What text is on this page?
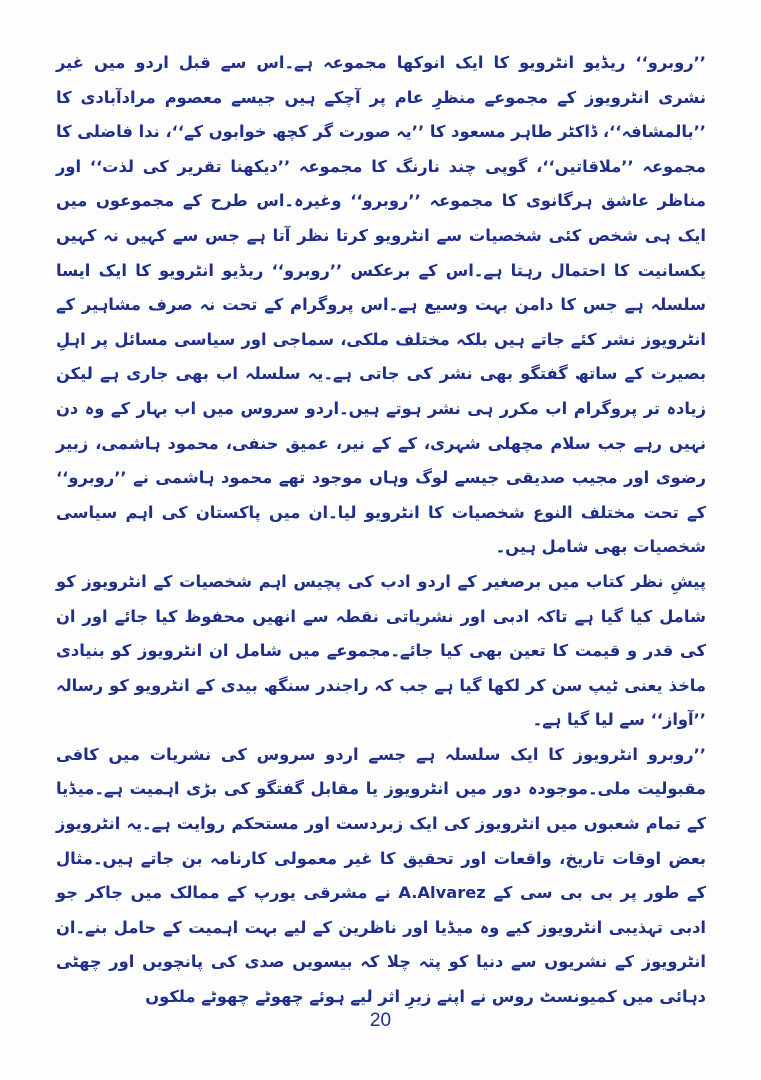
’’روبرو‘‘ ریڈیو انٹرویو کا ایک انوکھا مجموعہ ہے۔اس سے قبل اردو میں غیر نشری انٹرویوز کے مجموعے منظرِ عام پر آچکے ہیں جیسے معصوم مرادآبادی کا ’’بالمشافہ‘‘، ڈاکٹر طاہر مسعود کا ’’یہ صورت گر کچھ خوابوں کے‘‘، ندا فاضلی کا مجموعہ ’’ملاقاتیں‘‘، گوپی چند نارنگ کا مجموعہ ’’دیکھنا تقریر کی لذت‘‘ اور مناظر عاشق ہرگانوی کا مجموعہ ’’روبرو‘‘ وغیرہ۔اس طرح کے مجموعوں میں ایک ہی شخص کئی شخصیات سے انٹرویو کرتا نظر آتا ہے جس سے کہیں نہ کہیں یکسانیت کا احتمال رہتا ہے۔اس کے برعکس ’’روبرو‘‘ ریڈیو انٹرویو کا ایک ایسا سلسلہ ہے جس کا دامن بہت وسیع ہے۔اس پروگرام کے تحت نہ صرف مشاہیر کے انٹرویوز نشر کئے جاتے ہیں بلکہ مختلف ملکی، سماجی اور سیاسی مسائل پر اہلِ بصیرت کے ساتھ گفتگو بھی نشر کی جاتی ہے۔یہ سلسلہ اب بھی جاری ہے لیکن زیادہ تر پروگرام اب مکرر ہی نشر ہوتے ہیں۔اردو سروس میں اب بہار کے وہ دن نہیں رہے جب سلام مچھلی شہری، کے کے نیر، عمیق حنفی، محمود ہاشمی، زبیر رضوی اور مجیب صدیقی جیسے لوگ وہاں موجود تھے محمود ہاشمی نے ’’روبرو‘‘ کے تحت مختلف النوع شخصیات کا انٹرویو لیا۔ان میں پاکستان کی اہم سیاسی شخصیات بھی شامل ہیں۔

پیشِ نظر کتاب میں برصغیر کے اردو ادب کی پچیس اہم شخصیات کے انٹرویوز کو شامل کیا گیا ہے تاکہ ادبی اور نشریاتی نقطہ سے انھیں محفوظ کیا جائے اور ان کی قدر و قیمت کا تعین بھی کیا جائے۔مجموعے میں شامل ان انٹرویوز کو بنیادی ماخذ یعنی ٹیپ سن کر لکھا گیا ہے جب کہ راجندر سنگھ بیدی کے انٹرویو کو رسالہ ’’آواز‘‘ سے لیا گیا ہے۔

’’روبرو انٹرویوز کا ایک سلسلہ ہے جسے اردو سروس کی نشریات میں کافی مقبولیت ملی۔موجودہ دور میں انٹرویوز یا مقابل گفتگو کی بڑی اہمیت ہے۔میڈیا کے تمام شعبوں میں انٹرویوز کی ایک زبردست اور مستحکم روایت ہے۔یہ انٹرویوز بعض اوقات تاریخ، واقعات اور تحقیق کا غیر معمولی کارنامہ بن جاتے ہیں۔مثال کے طور پر بی بی سی کے A.Alvarez نے مشرقی یورپ کے ممالک میں جاکر جو ادبی تہذیبی انٹرویوز کیے وہ میڈیا اور ناظرین کے لیے بہت اہمیت کے حامل بنے۔ان انٹرویوز کے نشریوں سے دنیا کو پتہ چلا کہ بیسویں صدی کی پانچویں اور چھٹی دہائی میں کمیونسٹ روس نے اپنے زیرِ اثر لیے ہوئے چھوٹے چھوٹے ملکوں

20
